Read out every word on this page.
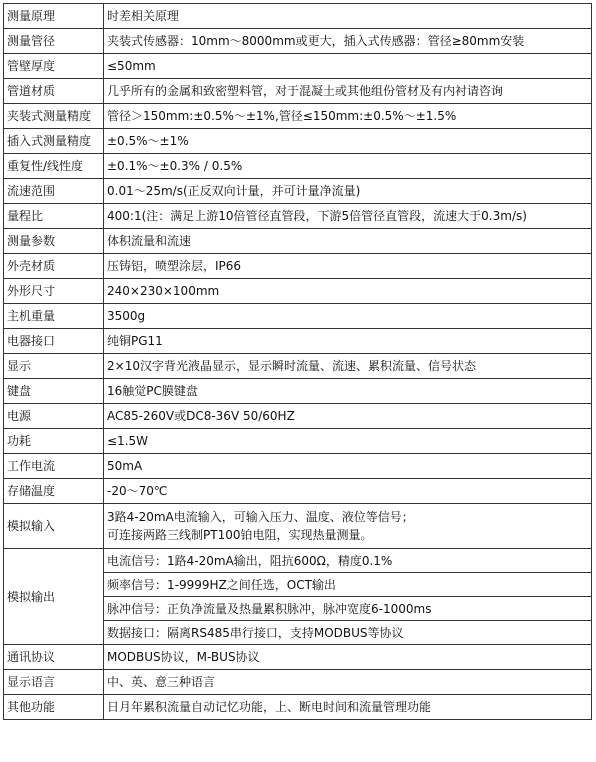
测量原理	时差相关原理
测量管径	夹装式传感器：10mm～8000mm或更大，插入式传感器：管径≥80mm安装
管壁厚度	≤50mm
管道材质	几乎所有的金属和致密塑料管，对于混凝土或其他组份管材及有内衬请咨询
夹装式测量精度	管径＞150mm:±0.5%～±1%,管径≤150mm:±0.5%～±1.5%
插入式测量精度	±0.5%～±1%
重复性/线性度	±0.1%～±0.3% / 0.5%
流速范围	0.01～25m/s(正反双向计量，并可计量净流量)
量程比	400:1(注：满足上游10倍管径直管段，下游5倍管径直管段，流速大于0.3m/s)
测量参数	体积流量和流速
外壳材质	压铸铝，喷塑涂层，IP66
外形尺寸	240×230×100mm
主机重量	3500g
电器接口	纯铜PG11
显示	2×10汉字背光液晶显示，显示瞬时流量、流速、累积流量、信号状态
键盘	16触觉PC膜键盘
电源	AC85-260V或DC8-36V 50/60HZ
功耗	≤1.5W
工作电流	50mA
存储温度	-20～70℃
模拟输入	3路4-20mA电流输入，可输入压力、温度、液位等信号；
可连接两路三线制PT100铂电阻，实现热量测量。

模拟输出	电流信号：1路4-20mA输出，阻抗600Ω，精度0.1%
	频率信号：1-9999HZ之间任选，OCT输出
	脉冲信号：正负净流量及热量累积脉冲，脉冲宽度6-1000ms
	数据接口：隔离RS485串行接口，支持MODBUS等协议
通讯协议	MODBUS协议，M-BUS协议
显示语言	中、英、意三种语言
其他功能	日月年累积流量自动记忆功能，上、断电时间和流量管理功能
